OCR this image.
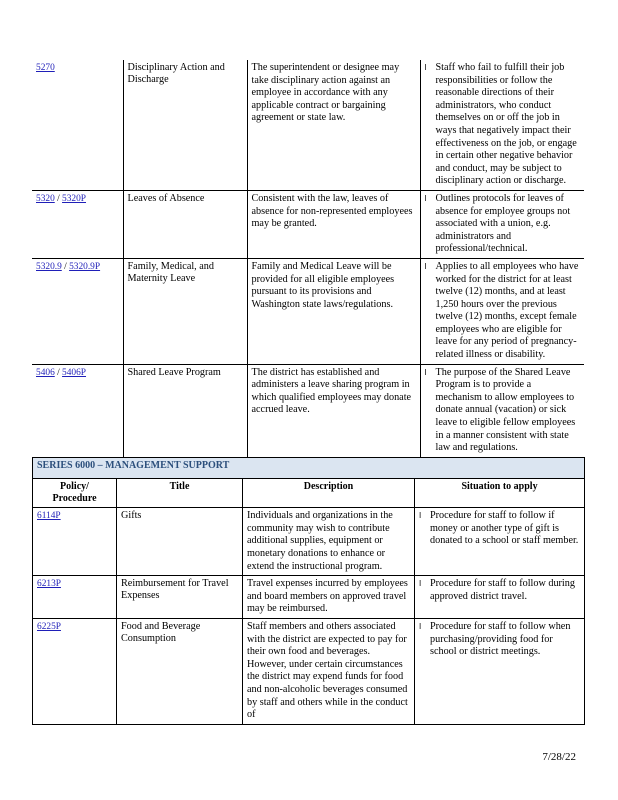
5270	Disciplinary Action and Discharge	The superintendent or designee may take disciplinary action against an employee in accordance with any applicable contract or bargaining agreement or state law.	l Staff who fail to fulfill their job responsibilities or follow the reasonable directions of their administrators, who conduct themselves on or off the job in ways that negatively impact their effectiveness on the job, or engage in certain other negative behavior and conduct, may be subject to disciplinary action or discharge.

5320 / 5320P	Leaves of Absence	Consistent with the law, leaves of absence for non-represented employees may be granted.	l Outlines protocols for leaves of absence for employee groups not associated with a union, e.g. administrators and professional/technical.

5320.9 / 5320.9P	Family, Medical, and Maternity Leave	Family and Medical Leave will be provided for all eligible employees pursuant to its provisions and Washington state laws/regulations.	l Applies to all employees who have worked for the district for at least twelve (12) months, and at least 1,250 hours over the previous twelve (12) months, except female employees who are eligible for leave for any period of pregnancy-related illness or disability.

5406 / 5406P	Shared Leave Program	The district has established and administers a leave sharing program in which qualified employees may donate accrued leave.	l The purpose of the Shared Leave Program is to provide a mechanism to allow employees to donate annual (vacation) or sick leave to eligible fellow employees in a manner consistent with state law and regulations.
SERIES 6000 – MANAGEMENT SUPPORT			
Policy/ Procedure	Title	Description	Situation to apply
6114P	Gifts	Individuals and organizations in the community may wish to contribute additional supplies, equipment or monetary donations to enhance or extend the instructional program.	l Procedure for staff to follow if money or another type of gift is donated to a school or staff member.

6213P	Reimbursement for Travel Expenses	Travel expenses incurred by employees and board members on approved travel may be reimbursed.	l Procedure for staff to follow during approved district travel.

6225P	Food and Beverage Consumption	Staff members and others associated with the district are expected to pay for their own food and beverages. However, under certain circumstances the district may expend funds for food and non-alcoholic beverages consumed by staff and others while in the conduct of	l Procedure for staff to follow when purchasing/providing food for school or district meetings.
7/28/22
